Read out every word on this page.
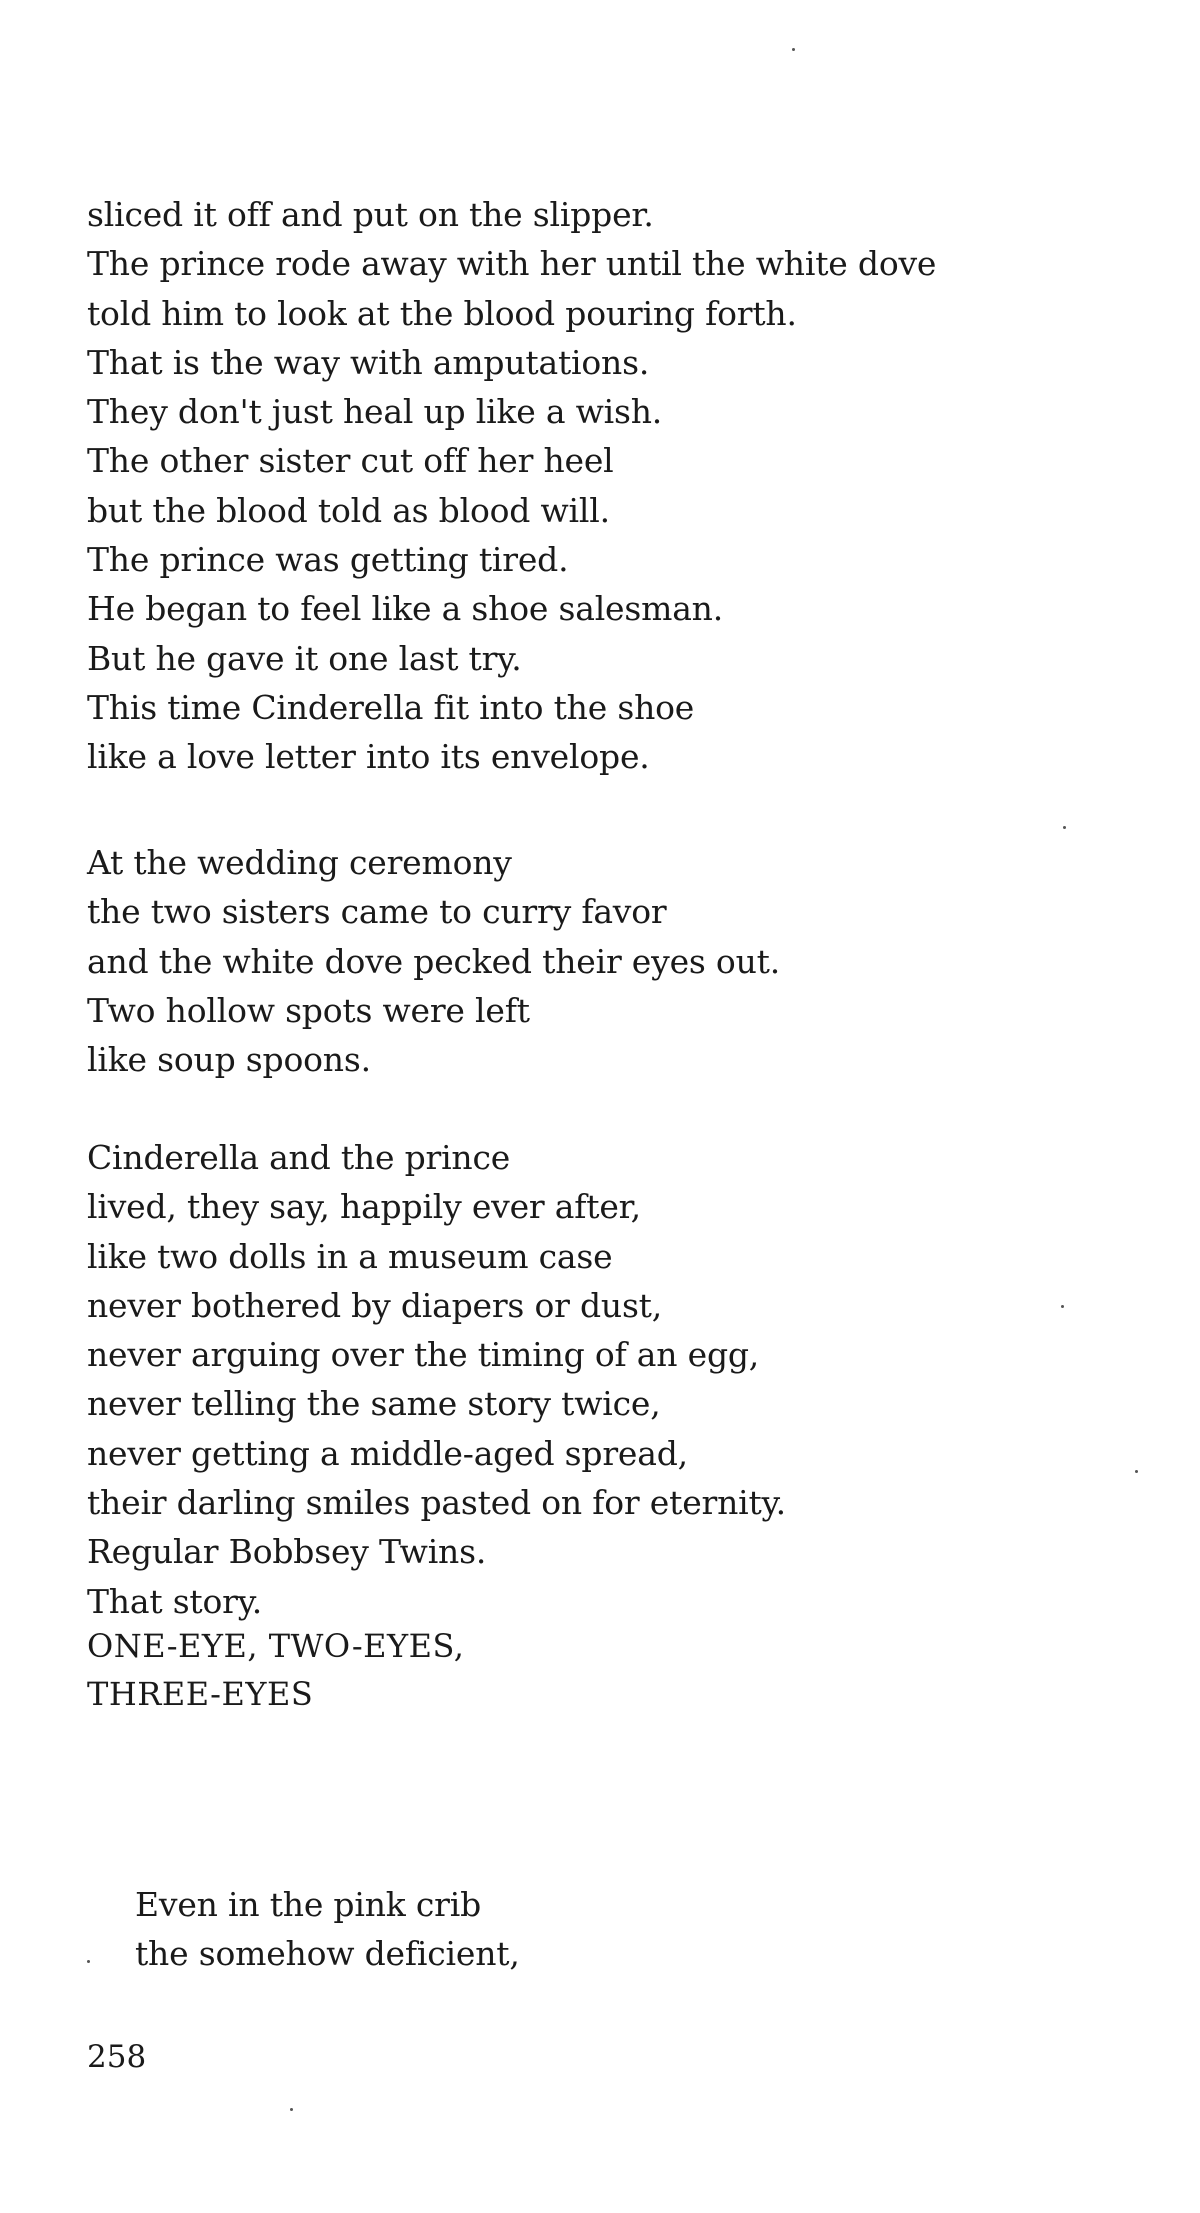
sliced it off and put on the slipper.
The prince rode away with her until the white dove
told him to look at the blood pouring forth.
That is the way with amputations.
They don't just heal up like a wish.
The other sister cut off her heel
but the blood told as blood will.
The prince was getting tired.
He began to feel like a shoe salesman.
But he gave it one last try.
This time Cinderella fit into the shoe
like a love letter into its envelope.
At the wedding ceremony
the two sisters came to curry favor
and the white dove pecked their eyes out.
Two hollow spots were left
like soup spoons.
Cinderella and the prince
lived, they say, happily ever after,
like two dolls in a museum case
never bothered by diapers or dust,
never arguing over the timing of an egg,
never telling the same story twice,
never getting a middle-aged spread,
their darling smiles pasted on for eternity.
Regular Bobbsey Twins.
That story.
ONE-EYE, TWO-EYES,
THREE-EYES
Even in the pink crib
the somehow deficient,
258
